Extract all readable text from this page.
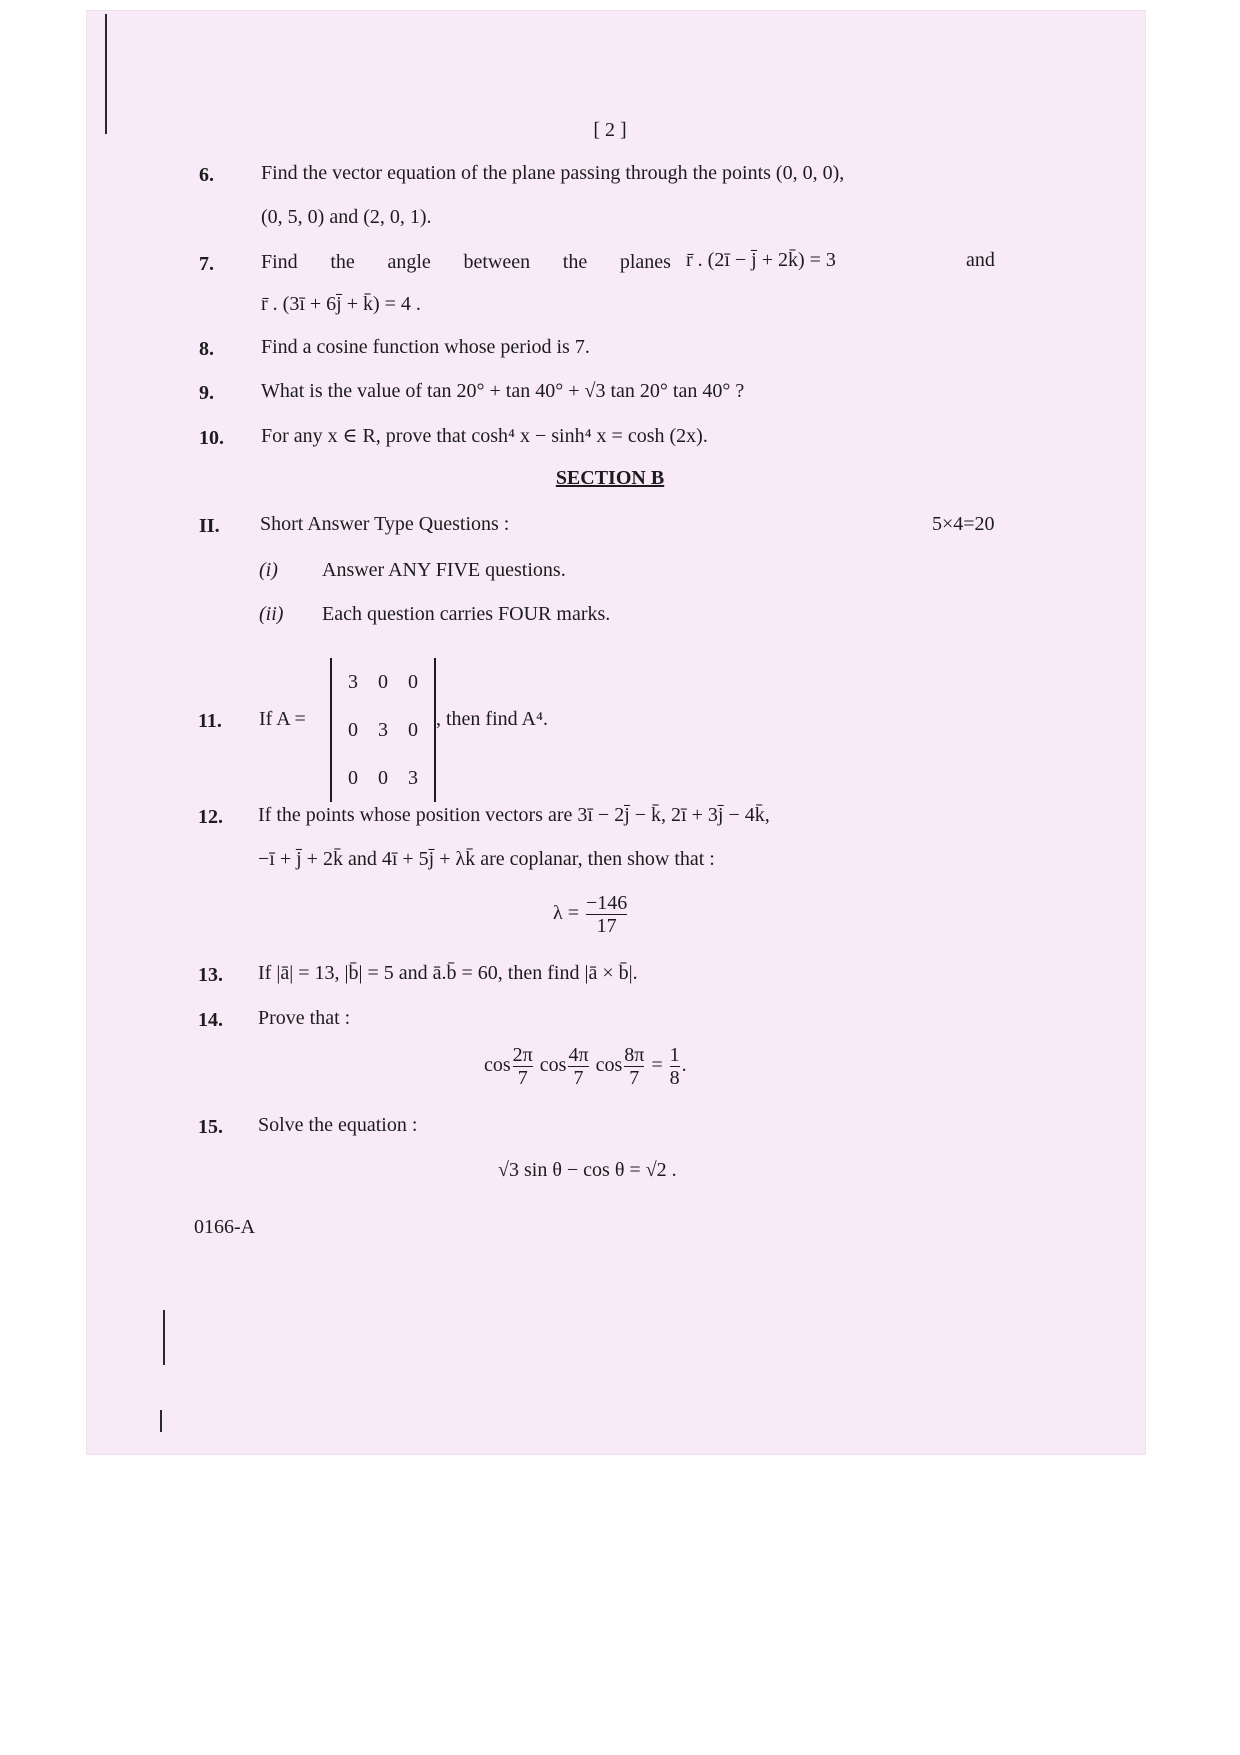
[ 2 ]
6. Find the vector equation of the plane passing through the points (0, 0, 0),
(0, 5, 0) and (2, 0, 1).
7. Find the angle between the planes r̄ . (2ī − j̄ + 2k̄) = 3	and
r̄ . (3ī + 6j̄ + k̄) = 4 .
8. Find a cosine function whose period is 7.
9. What is the value of tan 20° + tan 40° + √3 tan 20° tan 40° ?
10. For any x ∈ R, prove that cosh⁴ x − sinh⁴ x = cosh (2x).
SECTION B
II. Short Answer Type Questions :	5×4=20
(i) Answer ANY FIVE questions.
(ii) Each question carries FOUR marks.
11. If A =
3	0	0
0	3	0
0	0	3
, then find A⁴.
12. If the points whose position vectors are 3ī − 2j̄ − k̄, 2ī + 3j̄ − 4k̄,
−ī + j̄ + 2k̄ and 4ī + 5j̄ + λk̄ are coplanar, then show that :
$\lambda = \frac{-146}{17}$
13. If |ā| = 13, |b̄| = 5 and ā.b̄ = 60, then find |ā × b̄|.
14. Prove that :
$\cos \frac{2\pi}{7}$ $\cos \frac{4\pi}{7}$ $\cos \frac{8\pi}{7} = \frac{1}{8}$ .
15. Solve the equation :
√3 sin θ − cos θ = √2 .
0166-A
